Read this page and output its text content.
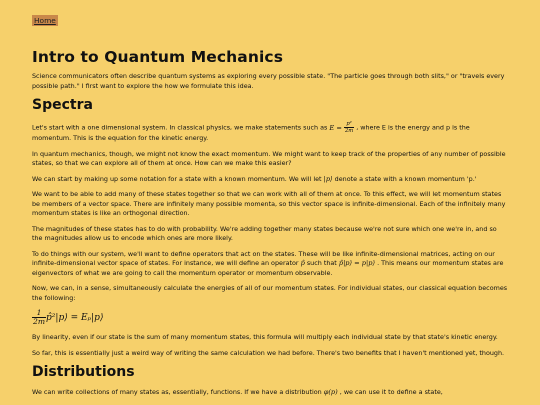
Home
Intro to Quantum Mechanics

Science communicators often describe quantum systems as exploring every possible state. "The particle goes through both slits," or "travels every possible path." I first want to explore the how we formulate this idea.

Spectra

Let's start with a one dimensional system. In classical physics, we make statements such as $E = \frac{\text{p²}}{2m}$ , where E is the energy and p is the momentum. This is the equation for the kinetic energy.

In quantum mechanics, though, we might not know the exact momentum. We might want to keep track of the properties of any number of possible states, so that we can explore all of them at once. How can we make this easier?

We can start by making up some notation for a state with a known momentum. We will let |p⟩ denote a state with a known momentum 'p.'

We want to be able to add many of these states together so that we can work with all of them at once. To this effect, we will let momentum states be members of a vector space. There are infinitely many possible momenta, so this vector space is infinite-dimensional. Each of the infinitely many momentum states is like an orthogonal direction.

The magnitudes of these states has to do with probability. We're adding together many states because we're not sure which one we're in, and so the magnitudes allow us to encode which ones are more likely.

To do things with our system, we'll want to define operators that act on the states. These will be like infinite-dimensional matrices, acting on our infinite-dimensional vector space of states. For instance, we will define an operator p̂ such that p̂|p⟩ = p|p⟩ . This means our momentum states are eigenvectors of what we are going to call the momentum operator or momentum observable.

Now, we can, in a sense, simultaneously calculate the energies of all of our momentum states. For individual states, our classical equation becomes the following:

$\frac{1}{2m}$ p̂²|p⟩ = Eₚ|p⟩

By linearity, even if our state is the sum of many momentum states, this formula will multiply each individual state by that state's kinetic energy.

So far, this is essentially just a weird way of writing the same calculation we had before. There's two benefits that I haven't mentioned yet, though.

Distributions

We can write collections of many states as, essentially, functions. If we have a distribution φ(p) , we can use it to define a state,
